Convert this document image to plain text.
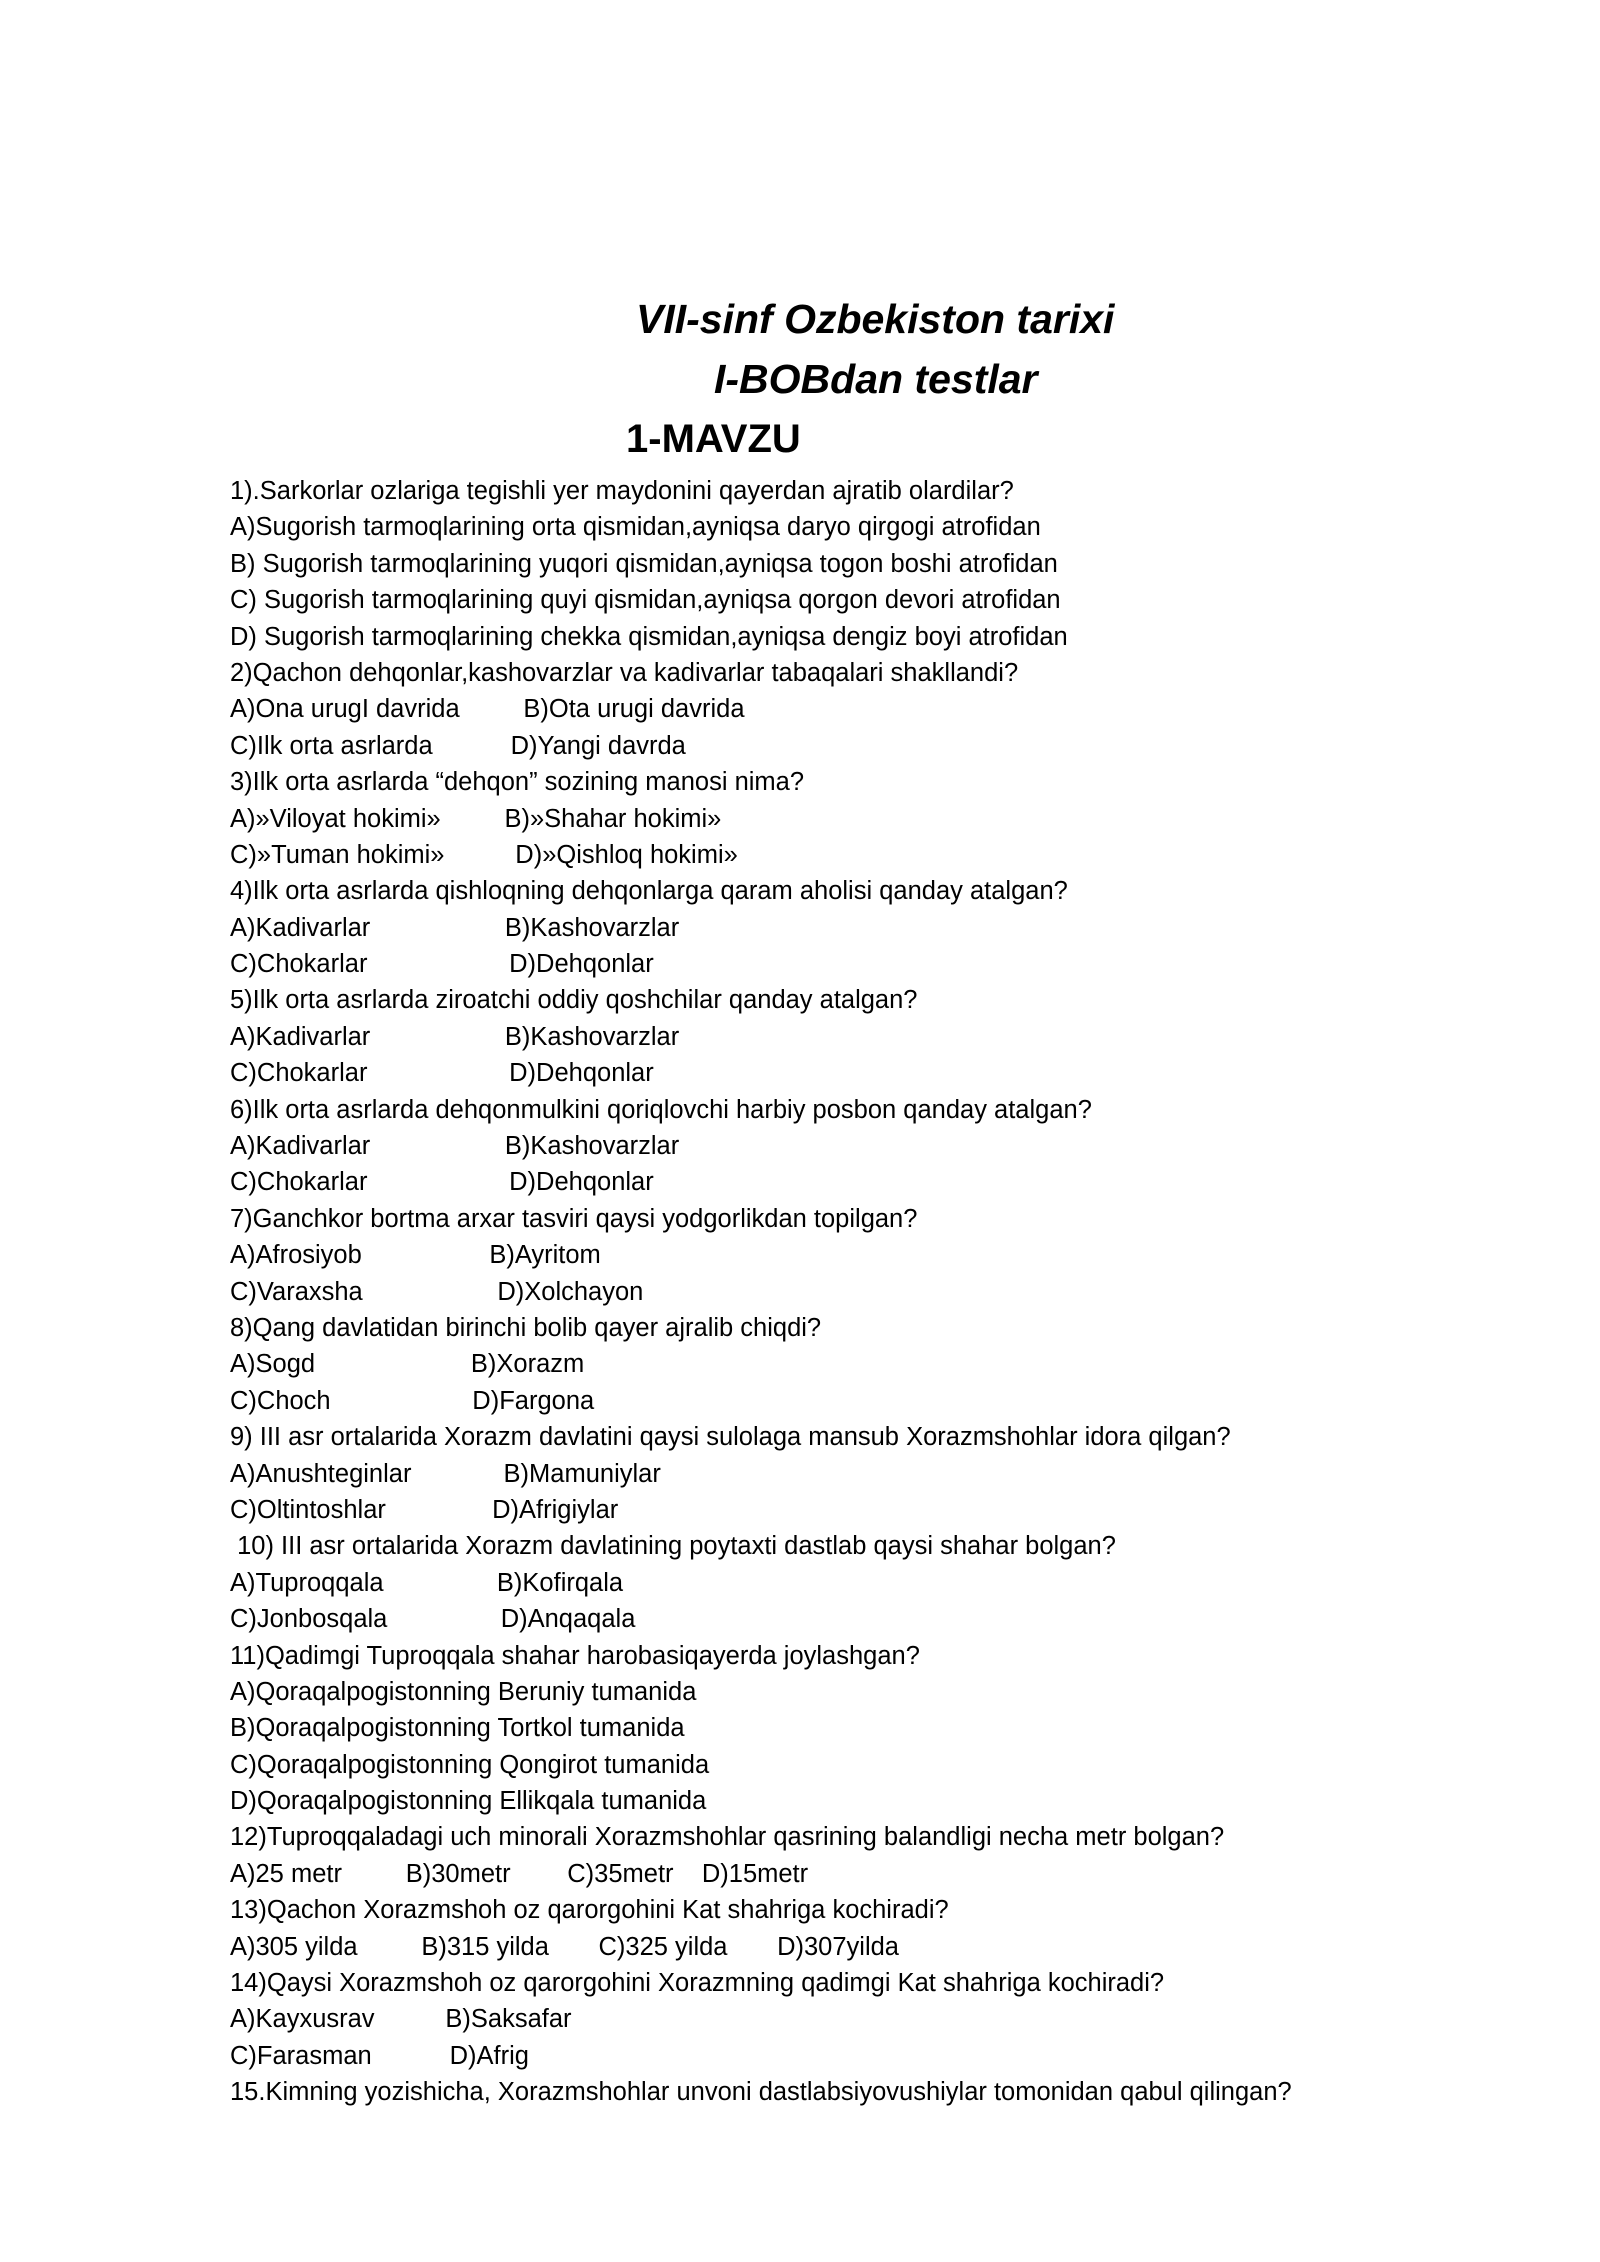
VII-sinf Ozbekiston tarixi
I-BOBdan testlar
1-MAVZU
1).Sarkorlar ozlariga tegishli yer maydonini qayerdan ajratib olardilar?
A)Sugorish tarmoqlarining orta qismidan,ayniqsa daryo qirgogi atrofidan
B) Sugorish tarmoqlarining yuqori qismidan,ayniqsa togon boshi atrofidan
C) Sugorish tarmoqlarining quyi qismidan,ayniqsa qorgon devori atrofidan
D) Sugorish tarmoqlarining chekka qismidan,ayniqsa dengiz boyi atrofidan
2)Qachon dehqonlar,kashovarzlar va kadivarlar tabaqalari shakllandi?
A)Ona urugI davrida         B)Ota urugi davrida
C)Ilk orta asrlarda           D)Yangi davrda
3)Ilk orta asrlarda “dehqon” sozining manosi nima?
A)»Viloyat hokimi»         B)»Shahar hokimi»
C)»Tuman hokimi»          D)»Qishloq hokimi»
4)Ilk orta asrlarda qishloqning dehqonlarga qaram aholisi qanday atalgan?
A)Kadivarlar                   B)Kashovarzlar
C)Chokarlar                    D)Dehqonlar
5)Ilk orta asrlarda ziroatchi oddiy qoshchilar qanday atalgan?
A)Kadivarlar                   B)Kashovarzlar
C)Chokarlar                    D)Dehqonlar
6)Ilk orta asrlarda dehqonmulkini qoriqlovchi harbiy posbon qanday atalgan?
A)Kadivarlar                   B)Kashovarzlar
C)Chokarlar                    D)Dehqonlar
7)Ganchkor bortma arxar tasviri qaysi yodgorlikdan topilgan?
A)Afrosiyob                  B)Ayritom
C)Varaxsha                   D)Xolchayon
8)Qang davlatidan birinchi bolib qayer ajralib chiqdi?
A)Sogd                      B)Xorazm
C)Choch                    D)Fargona
9) III asr ortalarida Xorazm davlatini qaysi sulolaga mansub Xorazmshohlar idora qilgan?
A)Anushteginlar             B)Mamuniylar
C)Oltintoshlar               D)Afrigiylar
10) III asr ortalarida Xorazm davlatining poytaxti dastlab qaysi shahar bolgan?
A)Tuproqqala                B)Kofirqala
C)Jonbosqala                D)Anqaqala
11)Qadimgi Tuproqqala shahar harobasiqayerda joylashgan?
A)Qoraqalpogistonning Beruniy tumanida
B)Qoraqalpogistonning Tortkol tumanida
C)Qoraqalpogistonning Qongirot tumanida
D)Qoraqalpogistonning Ellikqala tumanida
12)Tuproqqaladagi uch minorali Xorazmshohlar qasrining balandligi necha metr bolgan?
A)25 metr         B)30metr        C)35metr    D)15metr
13)Qachon Xorazmshoh oz qarorgohini Kat shahriga kochiradi?
A)305 yilda         B)315 yilda       C)325 yilda       D)307yilda
14)Qaysi Xorazmshoh oz qarorgohini Xorazmning qadimgi Kat shahriga kochiradi?
A)Kayxusrav          B)Saksafar
C)Farasman           D)Afrig
15.Kimning yozishicha, Xorazmshohlar unvoni dastlabsiyovushiylar tomonidan qabul qilingan?
